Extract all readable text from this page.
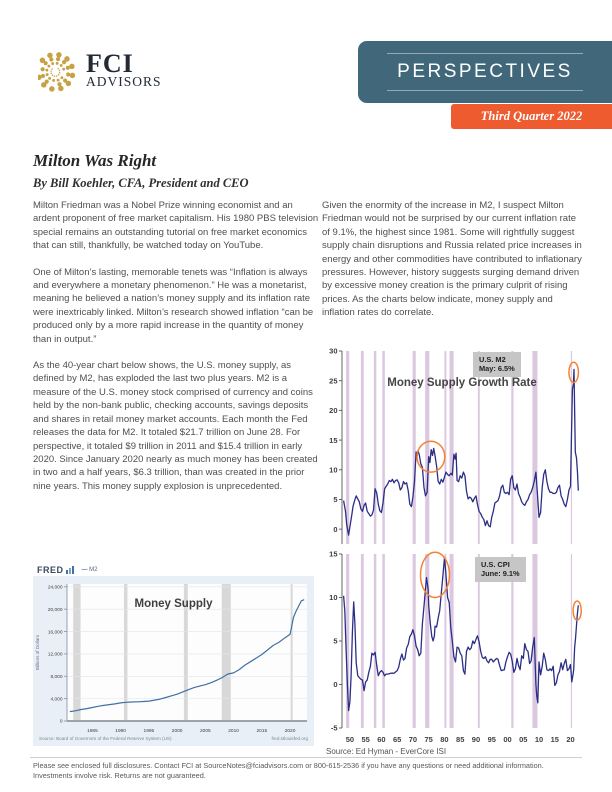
FCI
ADVISORS	PERSPECTIVES
Third Quarter 2022
Milton Was Right
By Bill Koehler, CFA, President and CEO

Milton Friedman was a Nobel Prize winning economist and an ardent proponent of free market capitalism. His 1980 PBS television special remains an outstanding tutorial on free market economics that can still, thankfully, be watched today on YouTube.

One of Milton’s lasting, memorable tenets was “Inflation is always and everywhere a monetary phenomenon.” He was a monetarist, meaning he believed a nation’s money supply and its inflation rate were inextricably linked. Milton’s research showed inflation “can be produced only by a more rapid increase in the quantity of money than in output.”

As the 40-year chart below shows, the U.S. money supply, as defined by M2, has exploded the last two plus years. M2 is a measure of the U.S. money stock comprised of currency and coins held by the non-bank public, checking accounts, savings deposits and shares in retail money market accounts. Each month the Fed releases the data for M2. It totaled $21.7 trillion on June 28. For perspective, it totaled $9 trillion in 2011 and $15.4 trillion in early 2020. Since January 2020 nearly as much money has been created in two and a half years, $6.3 trillion, than was created in the prior nine years. This money supply explosion is unprecedented.

Given the enormity of the increase in M2, I suspect Milton Friedman would not be surprised by our current inflation rate of 9.1%, the highest since 1981. Some will rightfully suggest supply chain disruptions and Russia related price increases in energy and other commodities have contributed to inflationary pressures. However, history suggests surging demand driven by excessive money creation is the primary culprit of rising prices. As the charts below indicate, money supply and inflation rates do correlate.

FRED	— M2
0
4,000
8,000
12,000
16,000
20,000
24,000
1985	1990	1995	2000	2005	2010	2015	2020
Billions of Dollars
Money Supply
Source: Board of Governors of the Federal Reserve System (US)	fred.stlouisfed.org
0
5
10
15
20
25
30
-5
0
5
10
15
50 55 60 65 70 75 80 85 90 95 00 05 10 15 20
Money Supply Growth Rate
U.S. M2
May: 6.5%
U.S. CPI
June: 9.1%
Source: Ed Hyman - EverCore ISI
Please see enclosed full disclosures. Contact FCI at SourceNotes@fciadvisors.com or 800-615-2536 if you have any questions or need additional information.
Investments involve risk. Returns are not guaranteed.
